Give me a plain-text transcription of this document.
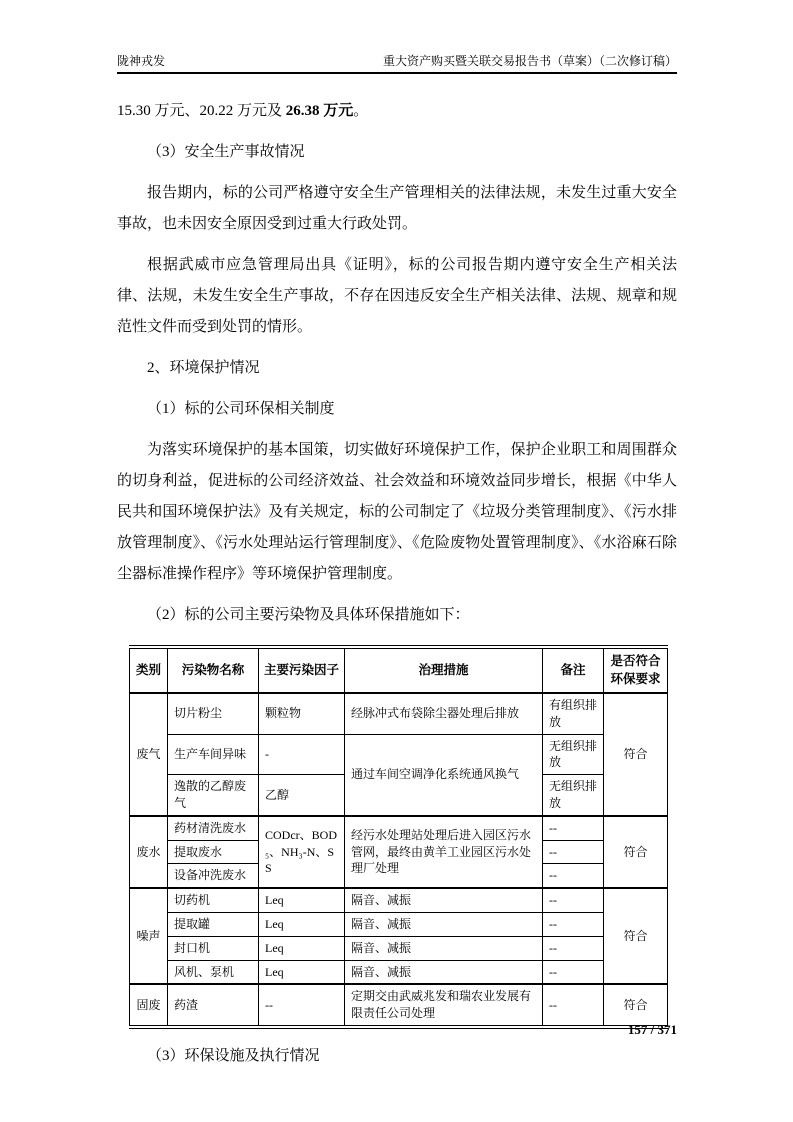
陇神戎发	重大资产购买暨关联交易报告书（草案）（二次修订稿）

15.30 万元、20.22 万元及 26.38 万元。

（3）安全生产事故情况

报告期内，标的公司严格遵守安全生产管理相关的法律法规，未发生过重大安全事故，也未因安全原因受到过重大行政处罚。

根据武威市应急管理局出具《证明》，标的公司报告期内遵守安全生产相关法律、法规，未发生安全生产事故，不存在因违反安全生产相关法律、法规、规章和规范性文件而受到处罚的情形。

2、环境保护情况

（1）标的公司环保相关制度

为落实环境保护的基本国策，切实做好环境保护工作，保护企业职工和周围群众的切身利益，促进标的公司经济效益、社会效益和环境效益同步增长，根据《中华人民共和国环境保护法》及有关规定，标的公司制定了《垃圾分类管理制度》、《污水排放管理制度》、《污水处理站运行管理制度》、《危险废物处置管理制度》、《水浴麻石除尘器标准操作程序》等环境保护管理制度。

（2）标的公司主要污染物及具体环保措施如下：

类别	污染物名称	主要污染因子	治理措施	备注	是否符合环保要求
废气	切片粉尘	颗粒物	经脉冲式布袋除尘器处理后排放	有组织排放	符合
	生产车间异味	-	通过车间空调净化系统通风换气	无组织排放	
	逸散的乙醇废气	乙醇		无组织排放	
废水	药材清洗废水	CODcr、BOD₅、NH₃-N、SS	经污水处理站处理后进入园区污水管网，最终由黄羊工业园区污水处理厂处理	--	符合
	提取废水			--	
	设备冲洗废水			--	
噪声	切药机	Leq	隔音、减振	--	符合
	提取罐	Leq	隔音、减振	--	
	封口机	Leq	隔音、减振	--	
	风机、泵机	Leq	隔音、减振	--	
固废	药渣	--	定期交由武威兆发和瑞农业发展有限责任公司处理	--	符合

（3）环保设施及执行情况

157 / 371
